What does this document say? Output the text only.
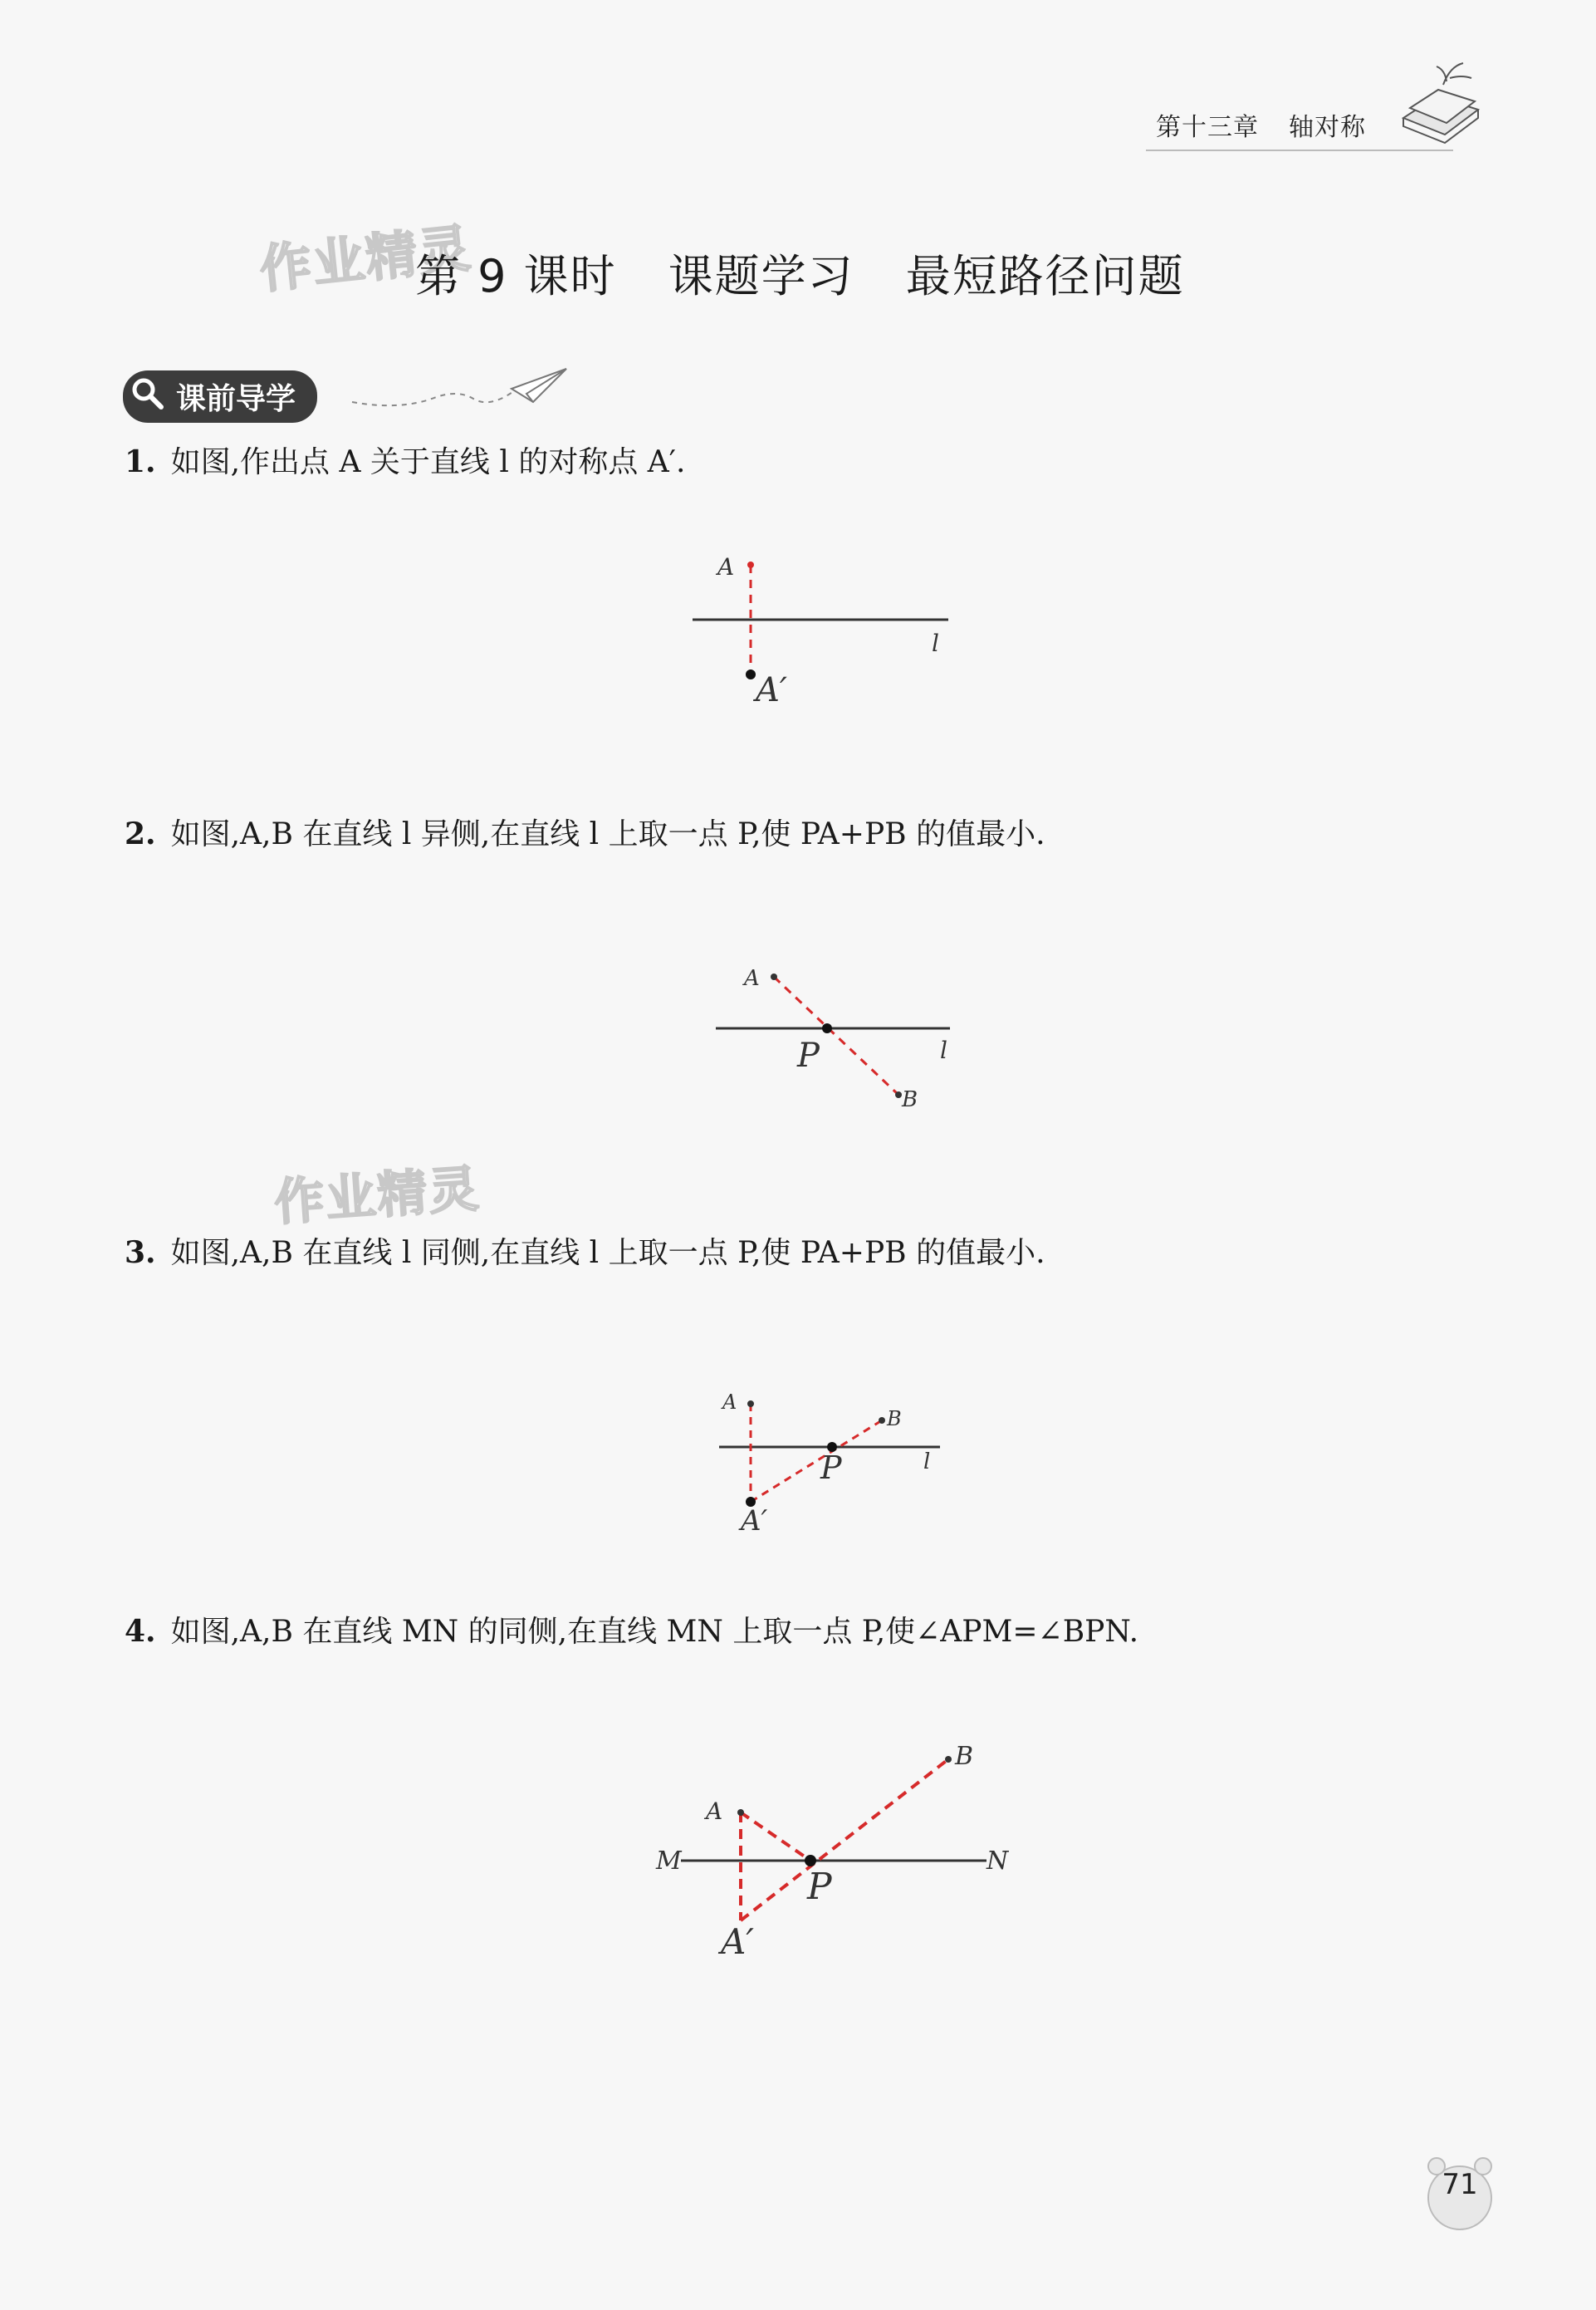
第十三章 轴对称
作业精灵
第 9 课时 课题学习 最短路径问题
课前导学
1. 如图,作出点 A 关于直线 l 的对称点 A′.
A
A′
l
2. 如图,A,B 在直线 l 异侧,在直线 l 上取一点 P,使 PA+PB 的值最小.
A
B
P	l
作业精灵
3. 如图,A,B 在直线 l 同侧,在直线 l 上取一点 P,使 PA+PB 的值最小.
A
B
P
A′
l
4. 如图,A,B 在直线 MN 的同侧,在直线 MN 上取一点 P,使∠APM=∠BPN.
A
B
P
A′
M	N
71
